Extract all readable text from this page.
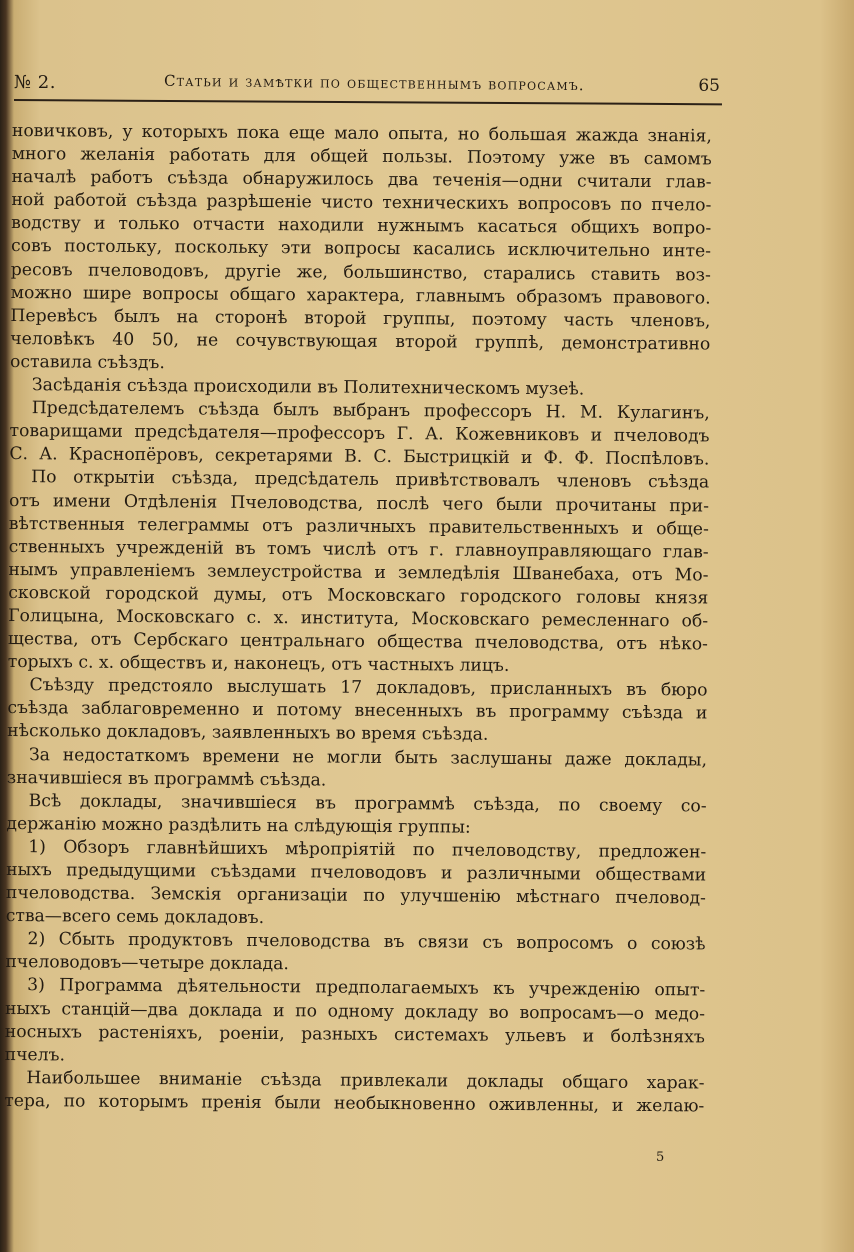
№ 2.	Статьи и замѣтки по общественнымъ вопросамъ.	65
новичковъ, у которыхъ пока еще мало опыта, но большая жажда знанія,
много желанія работать для общей пользы. Поэтому уже въ самомъ
началѣ работъ съѣзда обнаружилось два теченія—одни считали глав-
ной работой съѣзда разрѣшеніе чисто техническихъ вопросовъ по пчело-
водству и только отчасти находили нужнымъ касаться общихъ вопро-
совъ постольку, поскольку эти вопросы касались исключительно инте-
ресовъ пчеловодовъ, другіе же, большинство, старались ставить воз-
можно шире вопросы общаго характера, главнымъ образомъ правового.
Перевѣсъ былъ на сторонѣ второй группы, поэтому часть членовъ,
человѣкъ 40 50, не сочувствующая второй группѣ, демонстративно
оставила съѣздъ.
Засѣданія съѣзда происходили въ Политехническомъ музеѣ.
Предсѣдателемъ съѣзда былъ выбранъ профессоръ Н. М. Кулагинъ,
товарищами предсѣдателя—профессоръ Г. А. Кожевниковъ и пчеловодъ
С. А. Краснопёровъ, секретарями В. С. Быстрицкій и Ф. Ф. Поспѣловъ.
По открытіи съѣзда, предсѣдатель привѣтствовалъ членовъ съѣзда
отъ имени Отдѣленія Пчеловодства, послѣ чего были прочитаны при-
вѣтственныя телеграммы отъ различныхъ правительственныхъ и обще-
ственныхъ учрежденій въ томъ числѣ отъ г. главноуправляющаго глав-
нымъ управленіемъ землеустройства и земледѣлія Шванебаха, отъ Мо-
сковской городской думы, отъ Московскаго городского головы князя
Голицына, Московскаго с. х. института, Московскаго ремесленнаго об-
щества, отъ Сербскаго центральнаго общества пчеловодства, отъ нѣко-
торыхъ с. х. обществъ и, наконецъ, отъ частныхъ лицъ.
Съѣзду предстояло выслушать 17 докладовъ, присланныхъ въ бюро
съѣзда заблаговременно и потому внесенныхъ въ программу съѣзда и
нѣсколько докладовъ, заявленныхъ во время съѣзда.
За недостаткомъ времени не могли быть заслушаны даже доклады,
значившіеся въ программѣ съѣзда.
Всѣ доклады, значившіеся въ программѣ съѣзда, по своему со-
держанію можно раздѣлить на слѣдующія группы:
1) Обзоръ главнѣйшихъ мѣропріятій по пчеловодству, предложен-
ныхъ предыдущими съѣздами пчеловодовъ и различными обществами
пчеловодства. Земскія организаціи по улучшенію мѣстнаго пчеловод-
ства—всего семь докладовъ.
2) Сбыть продуктовъ пчеловодства въ связи съ вопросомъ о союзѣ
пчеловодовъ—четыре доклада.
3) Программа дѣятельности предполагаемыхъ къ учрежденію опыт-
ныхъ станцій—два доклада и по одному докладу во вопросамъ—о медо-
носныхъ растеніяхъ, роеніи, разныхъ системахъ ульевъ и болѣзняхъ
пчелъ.
Наибольшее вниманіе съѣзда привлекали доклады общаго харак-
тера, по которымъ пренія были необыкновенно оживленны, и желаю-
5
